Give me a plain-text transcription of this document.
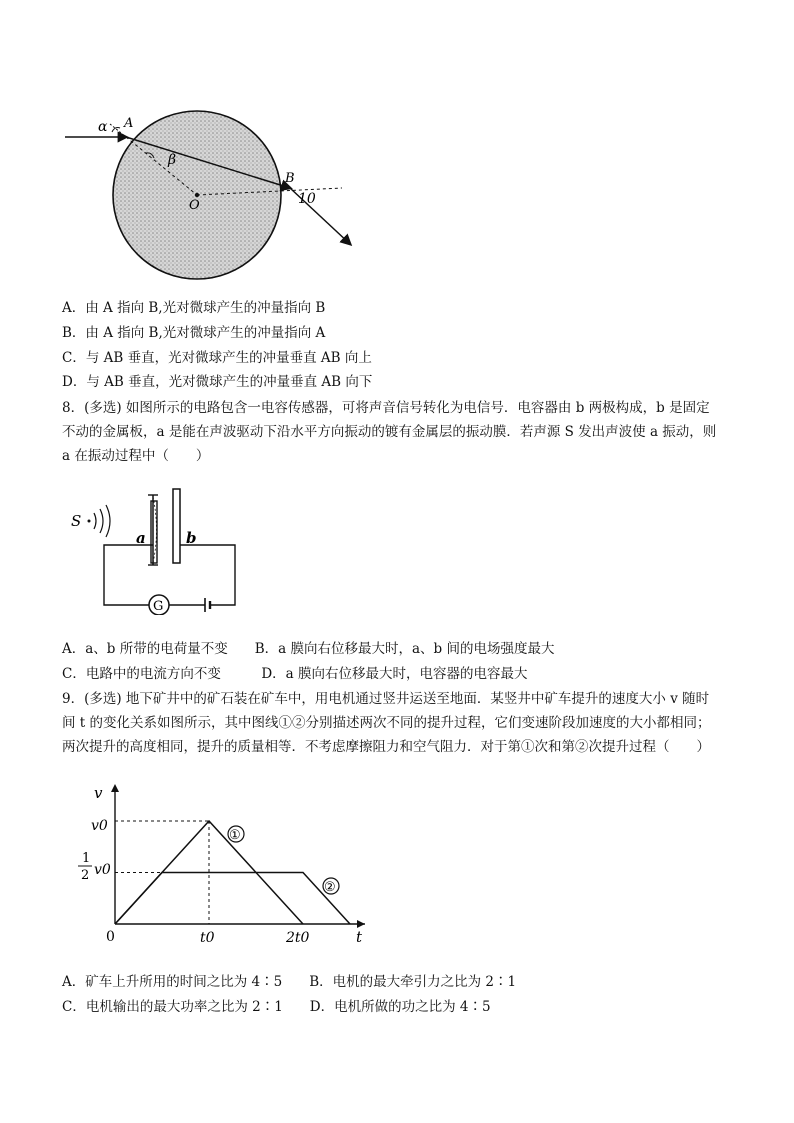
α A
β
O
B
10
A．由 A 指向 B,光对微球产生的冲量指向 B
B．由 A 指向 B,光对微球产生的冲量指向 A
C．与 AB 垂直，光对微球产生的冲量垂直 AB 向上
D．与 AB 垂直，光对微球产生的冲量垂直 AB 向下
8．(多选) 如图所示的电路包含一电容传感器，可将声音信号转化为电信号．电容器由 b 两极构成，b 是固定
不动的金属板，a 是能在声波驱动下沿水平方向振动的镀有金属层的振动膜．若声源 S 发出声波使 a 振动，则
a 在振动过程中（　　）
S
a	b
G
A．a、b 所带的电荷量不变　　B．a 膜向右位移最大时，a、b 间的电场强度最大
C．电路中的电流方向不变　　　D．a 膜向右位移最大时，电容器的电容最大
9．(多选) 地下矿井中的矿石装在矿车中，用电机通过竖井运送至地面．某竖井中矿车提升的速度大小 v 随时
间 t 的变化关系如图所示，其中图线①②分别描述两次不同的提升过程，它们变速阶段加速度的大小都相同；
两次提升的高度相同，提升的质量相等．不考虑摩擦阻力和空气阻力．对于第①次和第②次提升过程（　　）
v
t
0
v0
1
2 v0
t0	2t0
①
②
A．矿车上升所用的时间之比为 4∶5　　B．电机的最大牵引力之比为 2∶1
C．电机输出的最大功率之比为 2∶1　　D．电机所做的功之比为 4∶5
